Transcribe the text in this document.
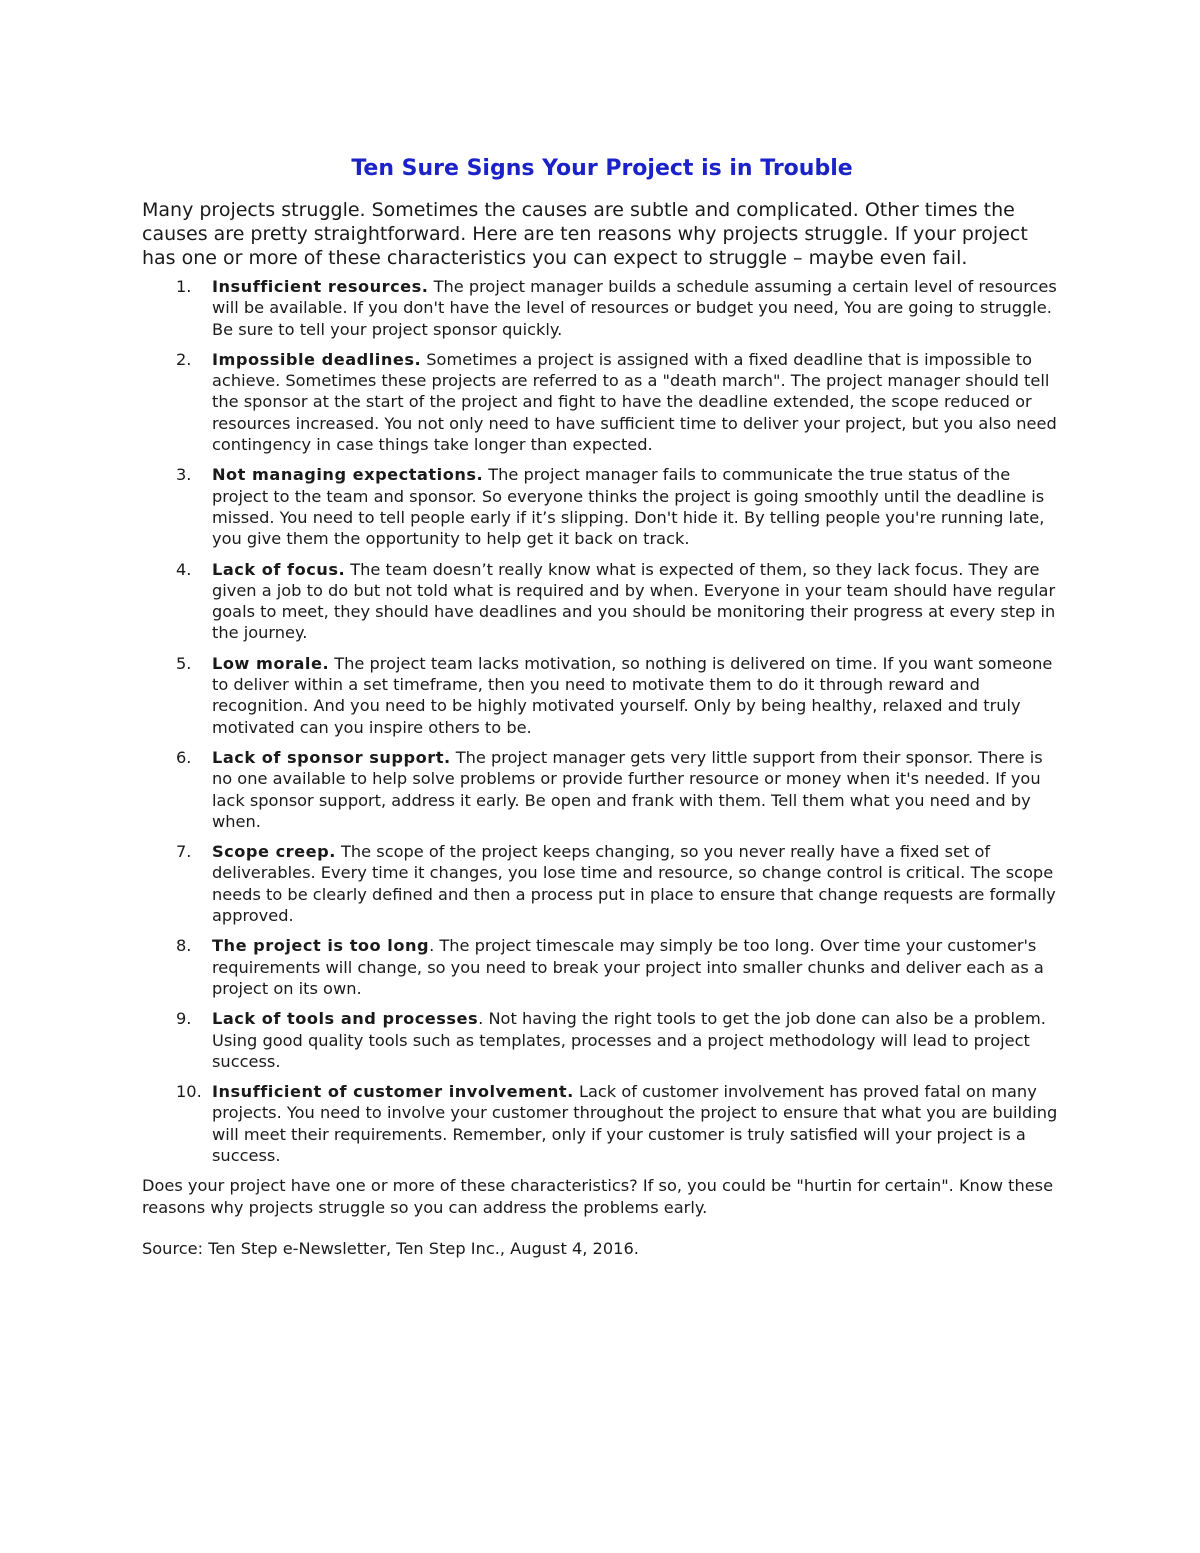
Ten Sure Signs Your Project is in Trouble

Many projects struggle. Sometimes the causes are subtle and complicated. Other times the causes are pretty straightforward. Here are ten reasons why projects struggle. If your project has one or more of these characteristics you can expect to struggle – maybe even fail.

1.	Insufficient resources. The project manager builds a schedule assuming a certain level of resources will be available. If you don't have the level of resources or budget you need, You are going to struggle. Be sure to tell your project sponsor quickly.
2.	Impossible deadlines. Sometimes a project is assigned with a fixed deadline that is impossible to achieve. Sometimes these projects are referred to as a "death march". The project manager should tell the sponsor at the start of the project and fight to have the deadline extended, the scope reduced or resources increased. You not only need to have sufficient time to deliver your project, but you also need contingency in case things take longer than expected.
3.	Not managing expectations. The project manager fails to communicate the true status of the project to the team and sponsor. So everyone thinks the project is going smoothly until the deadline is missed. You need to tell people early if it’s slipping. Don't hide it. By telling people you're running late, you give them the opportunity to help get it back on track.
4.	Lack of focus. The team doesn’t really know what is expected of them, so they lack focus. They are given a job to do but not told what is required and by when. Everyone in your team should have regular goals to meet, they should have deadlines and you should be monitoring their progress at every step in the journey.
5.	Low morale. The project team lacks motivation, so nothing is delivered on time. If you want someone to deliver within a set timeframe, then you need to motivate them to do it through reward and recognition. And you need to be highly motivated yourself. Only by being healthy, relaxed and truly motivated can you inspire others to be.
6.	Lack of sponsor support. The project manager gets very little support from their sponsor. There is no one available to help solve problems or provide further resource or money when it's needed. If you lack sponsor support, address it early. Be open and frank with them. Tell them what you need and by when.
7.	Scope creep. The scope of the project keeps changing, so you never really have a fixed set of deliverables. Every time it changes, you lose time and resource, so change control is critical. The scope needs to be clearly defined and then a process put in place to ensure that change requests are formally approved.
8.	The project is too long. The project timescale may simply be too long. Over time your customer's requirements will change, so you need to break your project into smaller chunks and deliver each as a project on its own.
9.	Lack of tools and processes. Not having the right tools to get the job done can also be a problem. Using good quality tools such as templates, processes and a project methodology will lead to project success.
10. Insufficient of customer involvement. Lack of customer involvement has proved fatal on many projects. You need to involve your customer throughout the project to ensure that what you are building will meet their requirements. Remember, only if your customer is truly satisfied will your project is a success.

Does your project have one or more of these characteristics? If so, you could be "hurtin for certain". Know these reasons why projects struggle so you can address the problems early.

Source: Ten Step e-Newsletter, Ten Step Inc., August 4, 2016.
